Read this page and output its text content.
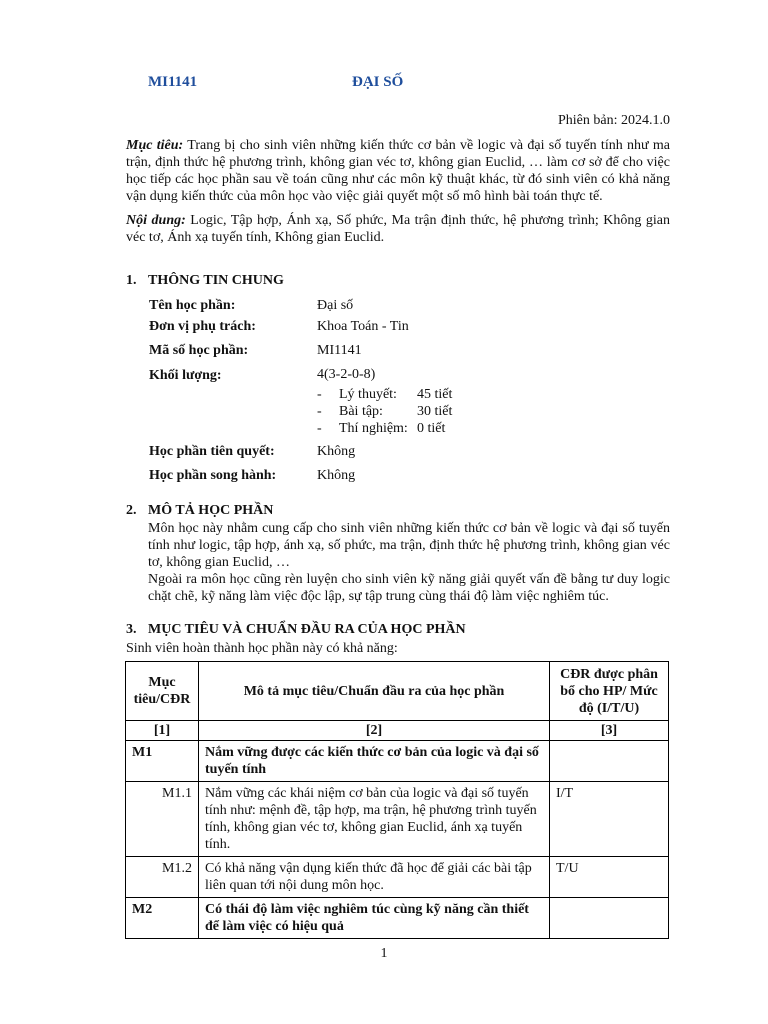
MI1141	ĐẠI SỐ
Phiên bản: 2024.1.0
Mục tiêu: Trang bị cho sinh viên những kiến thức cơ bản về logic và đại số tuyến tính như ma trận, định thức hệ phương trình, không gian véc tơ, không gian Euclid, … làm cơ sở để cho việc học tiếp các học phần sau về toán cũng như các môn kỹ thuật khác, từ đó sinh viên có khả năng vận dụng kiến thức của môn học vào việc giải quyết một số mô hình bài toán thực tế.
Nội dung: Logic, Tập hợp, Ánh xạ, Số phức, Ma trận định thức, hệ phương trình; Không gian véc tơ, Ánh xạ tuyến tính, Không gian Euclid.
1. THÔNG TIN CHUNG
Tên học phần:	Đại số
Đơn vị phụ trách:	Khoa Toán - Tin
Mã số học phần:	MI1141
Khối lượng:	4(3-2-0-8)
-	Lý thuyết:	45 tiết
-	Bài tập:	30 tiết
-	Thí nghiệm: 0 tiết
Học phần tiên quyết:	Không
Học phần song hành:	Không
2. MÔ TẢ HỌC PHẦN
Môn học này nhằm cung cấp cho sinh viên những kiến thức cơ bản về logic và đại số tuyến tính như logic, tập hợp, ánh xạ, số phức, ma trận, định thức hệ phương trình, không gian véc tơ, không gian Euclid, …
Ngoài ra môn học cũng rèn luyện cho sinh viên kỹ năng giải quyết vấn đề bằng tư duy logic chặt chẽ, kỹ năng làm việc độc lập, sự tập trung cùng thái độ làm việc nghiêm túc.
3. MỤC TIÊU VÀ CHUẨN ĐẦU RA CỦA HỌC PHẦN
Sinh viên hoàn thành học phần này có khả năng:
Mục tiêu/CĐR	Mô tả mục tiêu/Chuẩn đầu ra của học phần	CĐR được phân bổ cho HP/ Mức độ (I/T/U)
[1]	[2]	[3]
M1	Nắm vững được các kiến thức cơ bản của logic và đại số tuyến tính	
M1.1	Nắm vững các khái niệm cơ bản của logic và đại số tuyến tính như: mệnh đề, tập hợp, ma trận, hệ phương trình tuyến tính, không gian véc tơ, không gian Euclid, ánh xạ tuyến tính.	I/T
M1.2	Có khả năng vận dụng kiến thức đã học để giải các bài tập liên quan tới nội dung môn học.	T/U
M2	Có thái độ làm việc nghiêm túc cùng kỹ năng cần thiết để làm việc có hiệu quả	
1
